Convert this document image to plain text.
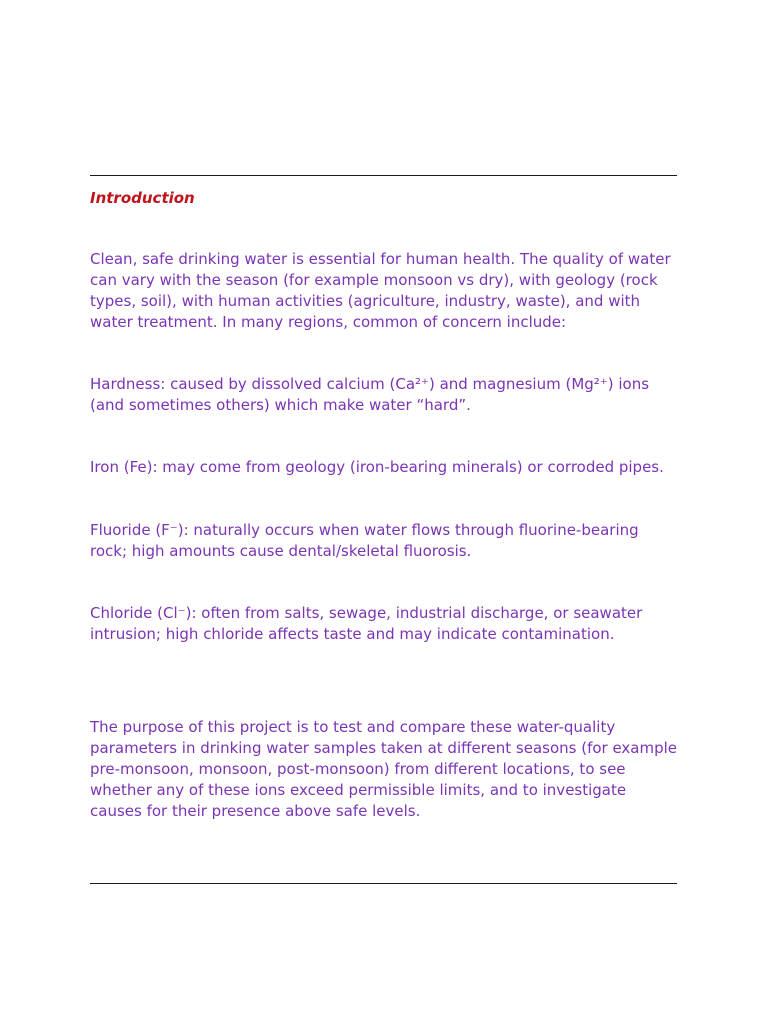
Introduction

Clean, safe drinking water is essential for human health. The quality of water can vary with the season (for example monsoon vs dry), with geology (rock types, soil), with human activities (agriculture, industry, waste), and with water treatment. In many regions, common of concern include:

Hardness: caused by dissolved calcium (Ca²⁺) and magnesium (Mg²⁺) ions (and sometimes others) which make water “hard”.

Iron (Fe): may come from geology (iron-bearing minerals) or corroded pipes.

Fluoride (F⁻): naturally occurs when water flows through fluorine-bearing rock; high amounts cause dental/skeletal fluorosis.

Chloride (Cl⁻): often from salts, sewage, industrial discharge, or seawater intrusion; high chloride affects taste and may indicate contamination.

The purpose of this project is to test and compare these water-quality parameters in drinking water samples taken at different seasons (for example pre-monsoon, monsoon, post-monsoon) from different locations, to see whether any of these ions exceed permissible limits, and to investigate causes for their presence above safe levels.
